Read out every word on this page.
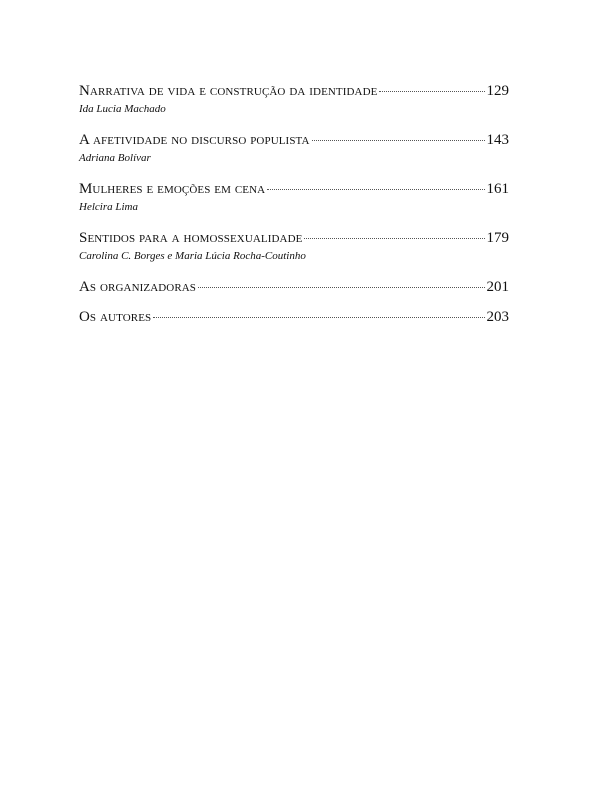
Narrativa de vida e construção da identidade	129
Ida Lucia Machado
A afetividade no discurso populista	143
Adriana Bolívar
Mulheres e emoções em cena	161
Helcira Lima
Sentidos para a homossexualidade	179
Carolina C. Borges e Maria Lúcia Rocha-Coutinho
As organizadoras	201
Os autores	203
